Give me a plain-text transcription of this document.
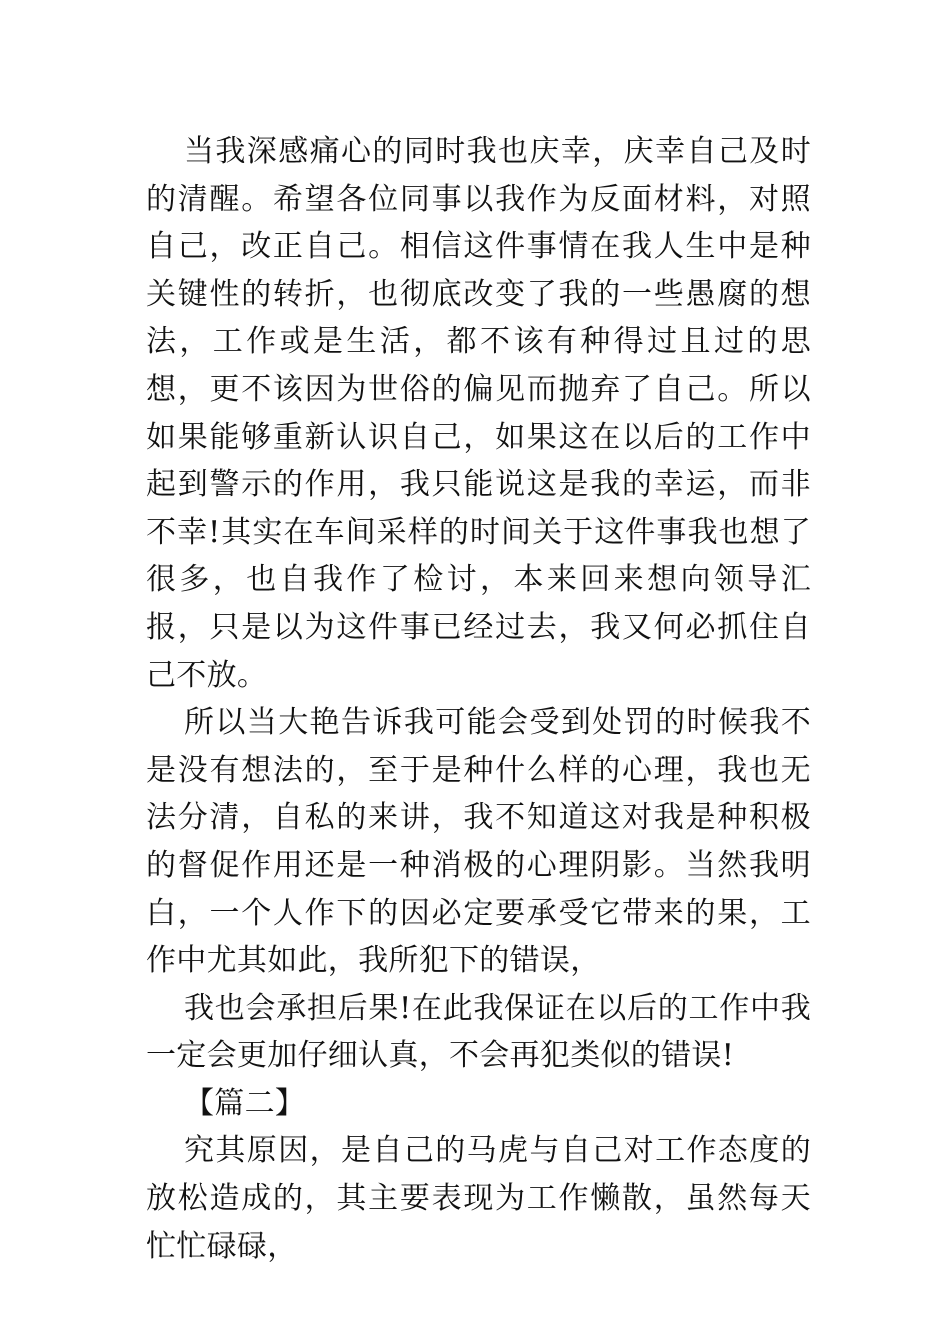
当我深感痛心的同时我也庆幸，庆幸自己及时的清醒。希望各位同事以我作为反面材料，对照自己，改正自己。相信这件事情在我人生中是种关键性的转折，也彻底改变了我的一些愚腐的想法，工作或是生活，都不该有种得过且过的思想，更不该因为世俗的偏见而抛弃了自己。所以如果能够重新认识自己，如果这在以后的工作中起到警示的作用，我只能说这是我的幸运，而非不幸!其实在车间采样的时间关于这件事我也想了很多，也自我作了检讨，本来回来想向领导汇报，只是以为这件事已经过去，我又何必抓住自己不放。

所以当大艳告诉我可能会受到处罚的时候我不是没有想法的，至于是种什么样的心理，我也无法分清，自私的来讲，我不知道这对我是种积极的督促作用还是一种消极的心理阴影。当然我明白，一个人作下的因必定要承受它带来的果，工作中尤其如此，我所犯下的错误，

我也会承担后果!在此我保证在以后的工作中我一定会更加仔细认真，不会再犯类似的错误!

【篇二】

究其原因，是自己的马虎与自己对工作态度的放松造成的，其主要表现为工作懒散，虽然每天忙忙碌碌，
